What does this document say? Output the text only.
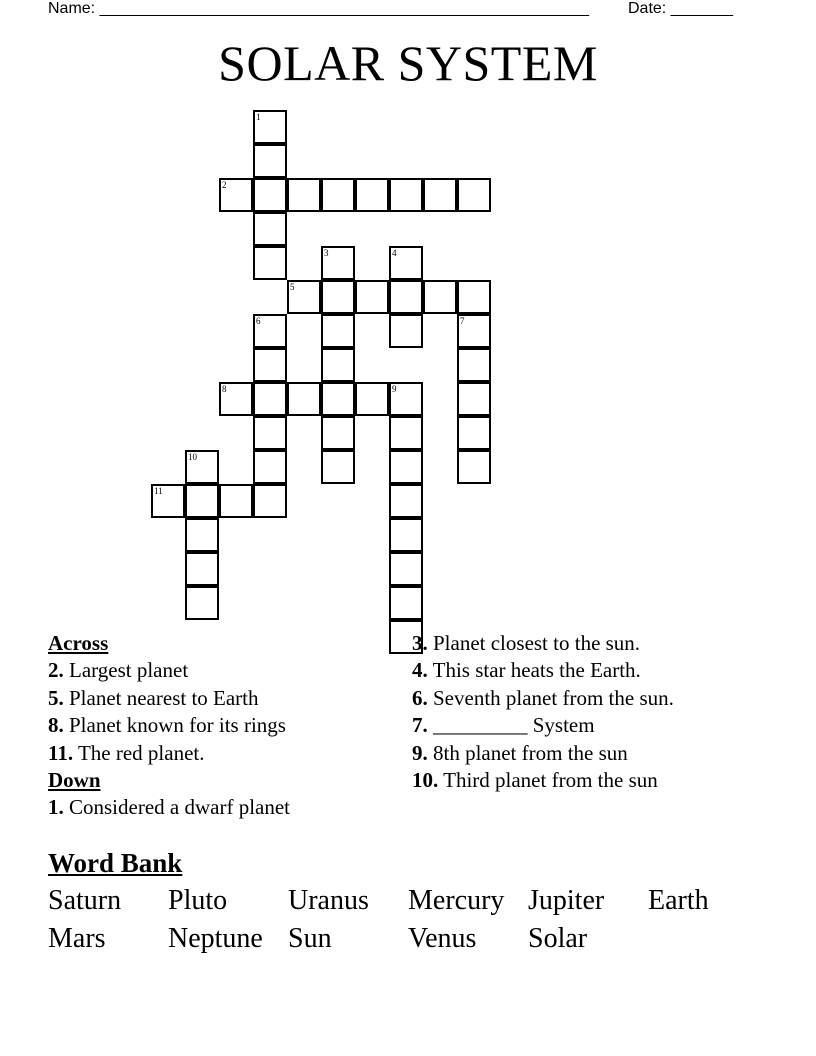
Name: _______________________________________________________ Date: _______
SOLAR SYSTEM
1
2
3	4
5
6	7
8	9
10
11
Across
2. Largest planet
5. Planet nearest to Earth
8. Planet known for its rings
11. The red planet.
Down
1. Considered a dwarf planet
3. Planet closest to the sun.
4. This star heats the Earth.
6. Seventh planet from the sun.
7. _________ System
9. 8th planet from the sun
10. Third planet from the sun
Word Bank
Saturn	Pluto	Uranus	Mercury Jupiter	Earth
Mars	Neptune Sun	Venus	Solar
